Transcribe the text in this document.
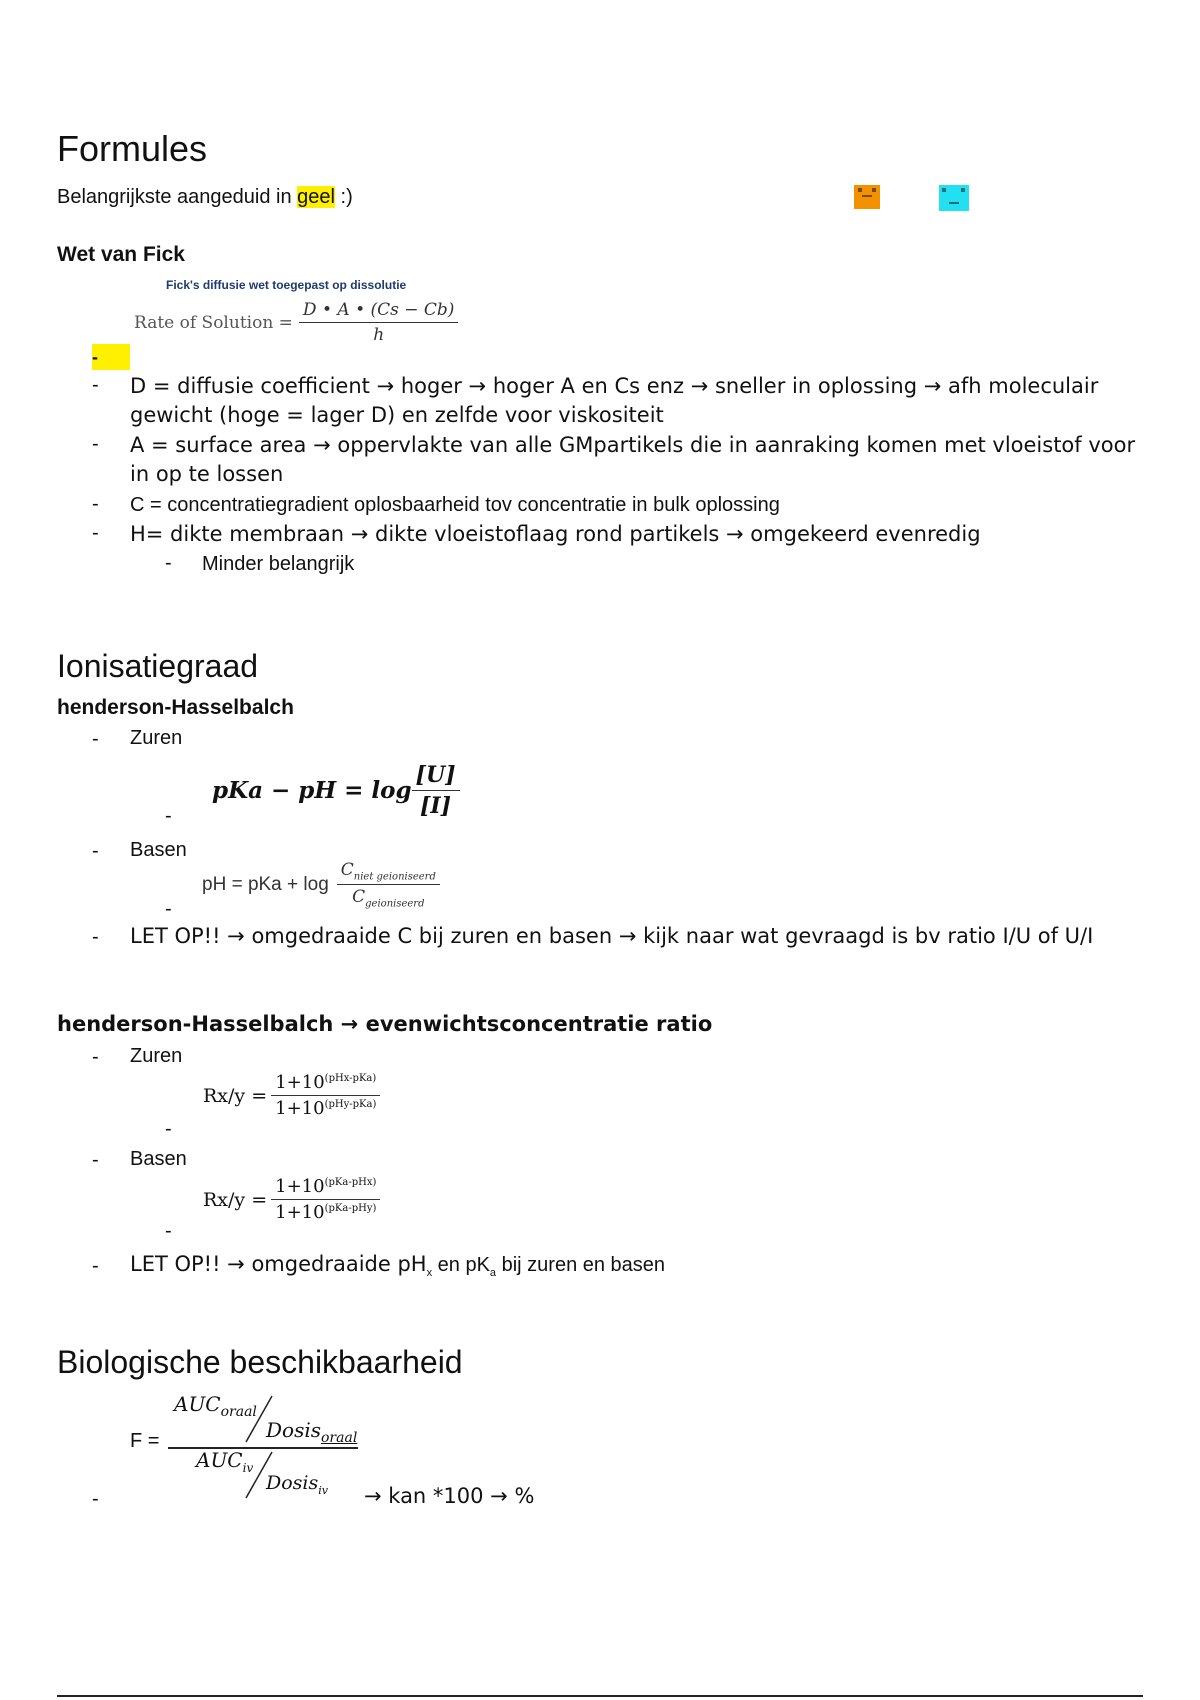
Formules
Belangrijkste aangeduid in geel :)
Wet van Fick
Fick's diffusie wet toegepast op dissolutie
Rate of Solution = $\frac{D • A • (Cs - Cb)}{h}$
-
- D = diffusie coefficient → hoger → hoger A en Cs enz → sneller in oplossing → afh moleculair gewicht (hoge = lager D) en zelfde voor viskositeit
- A = surface area → oppervlakte van alle GMpartikels die in aanraking komen met vloeistof voor in op te lossen
- C = concentratiegradient oplosbaarheid tov concentratie in bulk oplossing
- H= dikte membraan → dikte vloeistoflaag rond partikels → omgekeerd evenredig
- Minder belangrijk
Ionisatiegraad
henderson-Hasselbalch
- Zuren
-
pKa − pH = $\log \frac{[U]}{[I]}$
- Basen
-
pH = pKa + $\log \frac{C_{niet geioniseerd}}{C_{geioniseerd}}$
- LET OP!! → omgedraaide C bij zuren en basen → kijk naar wat gevraagd is bv ratio I/U of U/I
henderson-Hasselbalch → evenwichtsconcentratie ratio
- Zuren
-
$Rx/y = \frac{1+10^{(pHx-pKa)}}{1+10^{(pHy-pKa)}}$
- Basen
-
$Rx/y = \frac{1+10^{(pKa-pHx)}}{1+10^{(pKa-pHy)}}$
- LET OP!! → omgedraaide $pH_x$ en $pK_a$ bij zuren en basen
Biologische beschikbaarheid
F =
$AUC_{oraal}$
Dosis$_{oraal}$
$AUC_{iv}$
Dosis$_{iv}$
-	→ kan *100 → %
